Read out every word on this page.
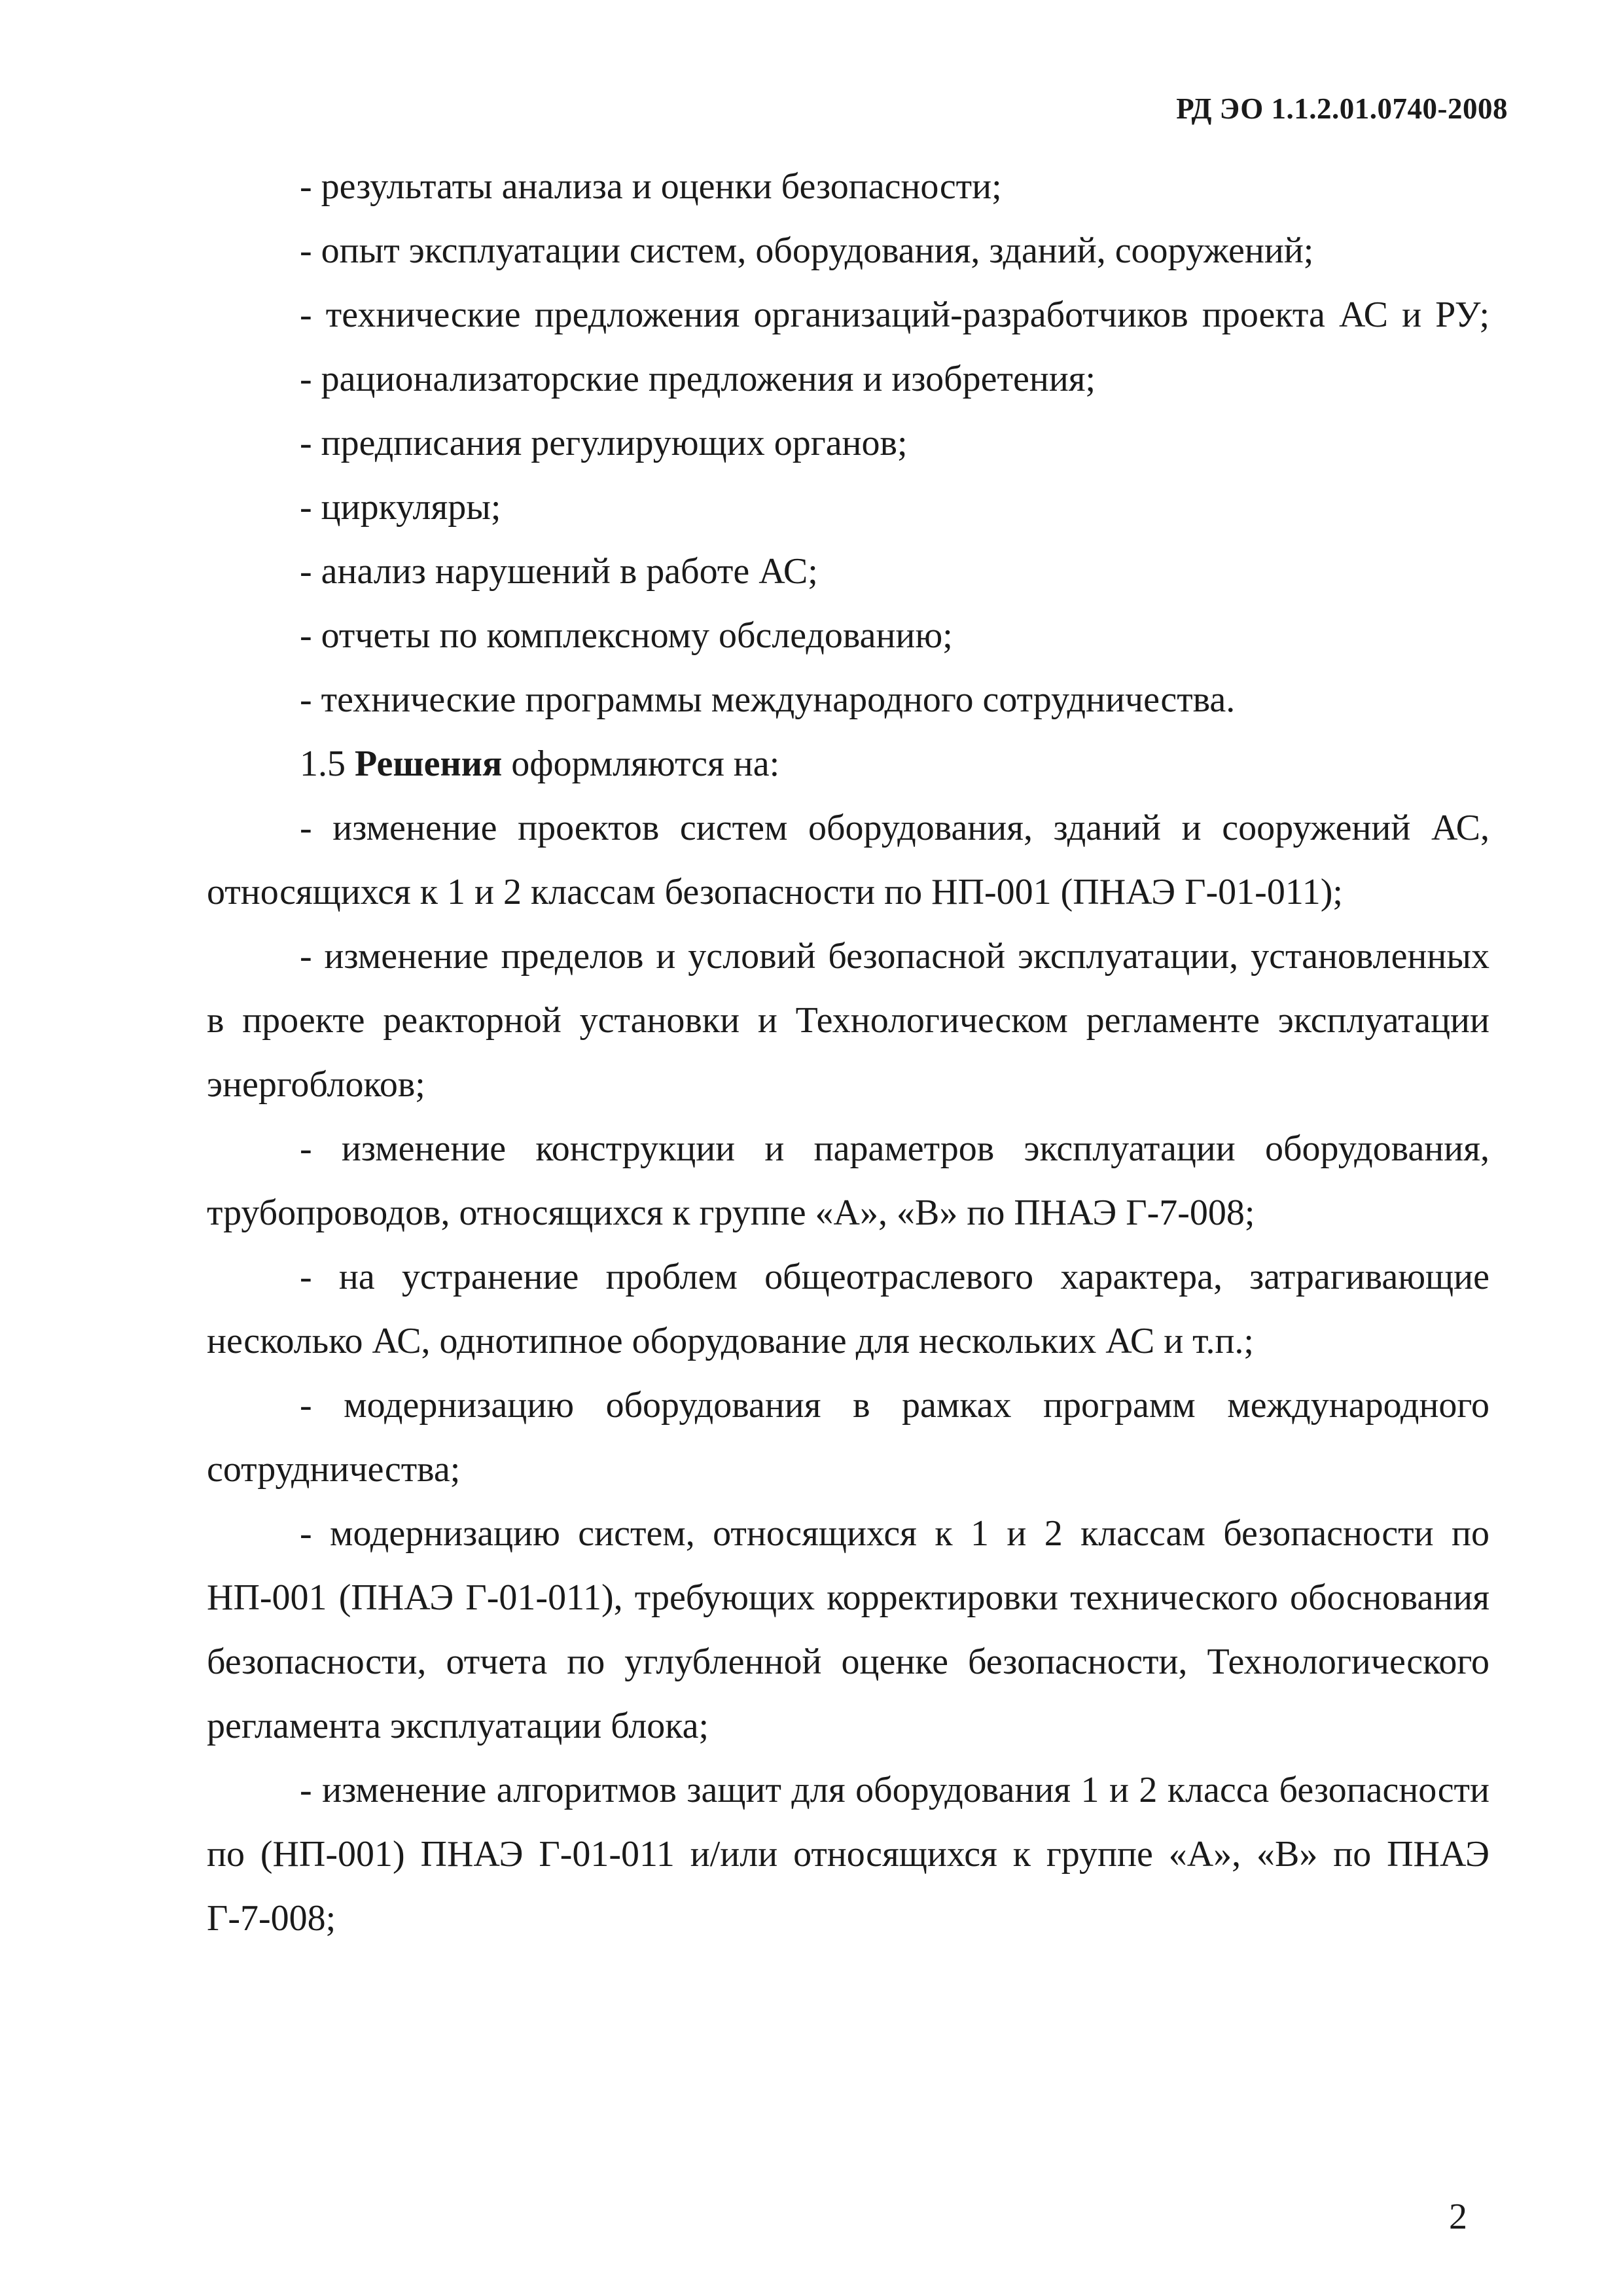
РД ЭО 1.1.2.01.0740-2008

- результаты анализа и оценки безопасности;

- опыт эксплуатации систем, оборудования, зданий, сооружений;

- технические предложения организаций-разработчиков проекта АС и РУ;

- рационализаторские предложения и изобретения;

- предписания регулирующих органов;

- циркуляры;

- анализ нарушений в работе АС;

- отчеты по комплексному обследованию;

- технические программы международного сотрудничества.

1.5 Решения оформляются на:

- изменение проектов систем оборудования, зданий и сооружений АС, относящихся к 1 и 2 классам безопасности по НП-001 (ПНАЭ Г-01-011);

- изменение пределов и условий безопасной эксплуатации, установленных в проекте реакторной установки и Технологическом регламенте эксплуатации энергоблоков;

- изменение конструкции и параметров эксплуатации оборудования, трубопроводов, относящихся к группе «А», «В» по ПНАЭ Г-7-008;

- на устранение проблем общеотраслевого характера, затрагивающие несколько АС, однотипное оборудование для нескольких АС и т.п.;

- модернизацию оборудования в рамках программ международного сотрудничества;

- модернизацию систем, относящихся к 1 и 2 классам безопасности по НП-001 (ПНАЭ Г-01-011), требующих корректировки технического обоснования безопасности, отчета по углубленной оценке безопасности, Технологического регламента эксплуатации блока;

- изменение алгоритмов защит для оборудования 1 и 2 класса безопасности по (НП-001) ПНАЭ Г-01-011 и/или относящихся к группе «А», «В» по ПНАЭ Г-7-008;

2
